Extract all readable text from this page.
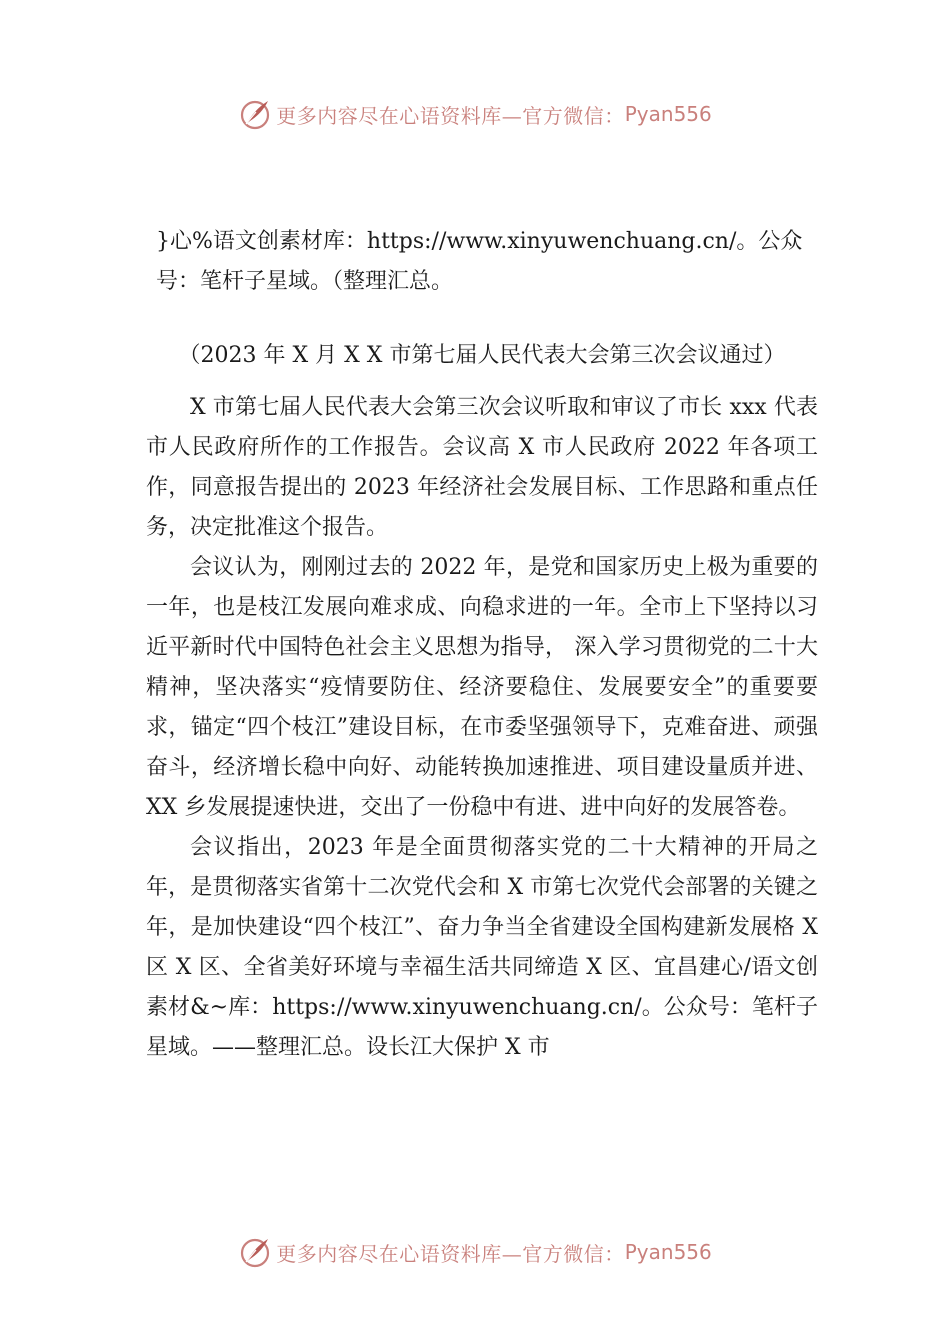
更多内容尽在心语资料库—官方微信： Pyan556

}心%语文创素材库：https://www.xinyuwenchuang.cn/。公众号：笔杆子星域。（整理汇总。

（2023 年 X 月 X X 市第七届人民代表大会第三次会议通过）

X 市第七届人民代表大会第三次会议听取和审议了市长 xxx 代表市人民政府所作的工作报告。会议高 X 市人民政府 2022 年各项工作，同意报告提出的 2023 年经济社会发展目标、工作思路和重点任务，决定批准这个报告。

会议认为，刚刚过去的 2022 年，是党和国家历史上极为重要的一年，也是枝江发展向难求成、向稳求进的一年。全市上下坚持以习近平新时代中国特色社会主义思想为指导， 深入学习贯彻党的二十大精神，坚决落实“疫情要防住、经济要稳住、发展要安全”的重要要求，锚定“四个枝江”建设目标，在市委坚强领导下，克难奋进、顽强奋斗，经济增长稳中向好、动能转换加速推进、项目建设量质并进、XX 乡发展提速快进，交出了一份稳中有进、进中向好的发展答卷。

会议指出，2023 年是全面贯彻落实党的二十大精神的开局之年，是贯彻落实省第十二次党代会和 X 市第七次党代会部署的关键之年，是加快建设“四个枝江”、奋力争当全省建设全国构建新发展格 X 区 X 区、全省美好环境与幸福生活共同缔造 X 区、宜昌建心/语文创素材&~库：https://www.xinyuwenchuang.cn/。公众号：笔杆子星域。——整理汇总。设长江大保护 X 市

更多内容尽在心语资料库—官方微信： Pyan556
